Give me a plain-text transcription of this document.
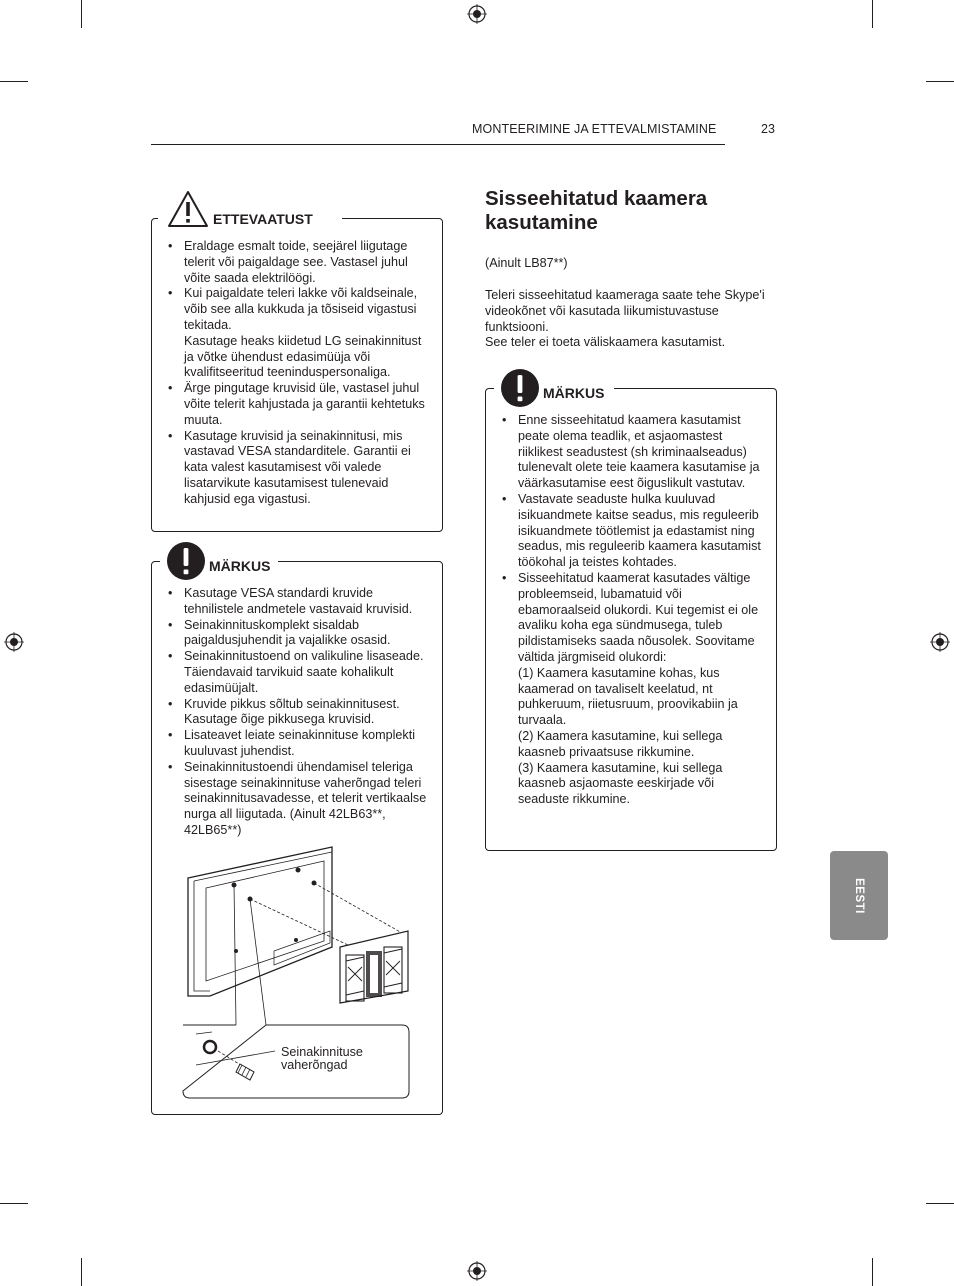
MONTEERIMINE JA ETTEVALMISTAMINE	23
ETTEVAATUST
• Eraldage esmalt toide, seejärel liigutage telerit või paigaldage see. Vastasel juhul võite saada elektrilöögi.
• Kui paigaldate teleri lakke või kaldseinale, võib see alla kukkuda ja tõsiseid vigastusi tekitada.
Kasutage heaks kiidetud LG seinakinnitust ja võtke ühendust edasimüüja või kvalifitseeritud teeninduspersonaliga.
• Ärge pingutage kruvisid üle, vastasel juhul võite telerit kahjustada ja garantii kehtetuks muuta.
• Kasutage kruvisid ja seinakinnitusi, mis vastavad VESA standarditele. Garantii ei kata valest kasutamisest või valede lisatarvikute kasutamisest tulenevaid kahjusid ega vigastusi.
MÄRKUS
• Kasutage VESA standardi kruvide tehnilistele andmetele vastavaid kruvisid.
• Seinakinnituskomplekt sisaldab paigaldusjuhendit ja vajalikke osasid.
• Seinakinnitustoend on valikuline lisaseade. Täiendavaid tarvikuid saate kohalikult edasimüüjalt.
• Kruvide pikkus sõltub seinakinnitusest. Kasutage õige pikkusega kruvisid.
• Lisateavet leiate seinakinnituse komplekti kuuluvast juhendist.
• Seinakinnitustoendi ühendamisel teleriga sisestage seinakinnituse vaherõngad teleri seinakinnitusavadesse, et telerit vertikaalse nurga all liigutada. (Ainult 42LB63**, 42LB65**)
Seinakinnituse vaherõngad
Sisseehitatud kaamera kasutamine
(Ainult LB87**)
Teleri sisseehitatud kaameraga saate tehe Skype'i videokõnet või kasutada liikumistuvastuse funktsiooni.
See teler ei toeta väliskaamera kasutamist.
MÄRKUS
• Enne sisseehitatud kaamera kasutamist peate olema teadlik, et asjaomastest riiklikest seadustest (sh kriminaalseadus) tulenevalt olete teie kaamera kasutamise ja väärkasutamise eest õiguslikult vastutav.
• Vastavate seaduste hulka kuuluvad isikuandmete kaitse seadus, mis reguleerib isikuandmete töötlemist ja edastamist ning seadus, mis reguleerib kaamera kasutamist töökohal ja teistes kohtades.
• Sisseehitatud kaamerat kasutades vältige probleemseid, lubamatuid või ebamoraalseid olukordi. Kui tegemist ei ole avaliku koha ega sündmusega, tuleb pildistamiseks saada nõusolek. Soovitame vältida järgmiseid olukordi:
(1) Kaamera kasutamine kohas, kus kaamerad on tavaliselt keelatud, nt puhkeruum, riietusruum, proovikabiin ja turvaala.
(2) Kaamera kasutamine, kui sellega kaasneb privaatsuse rikkumine.
(3) Kaamera kasutamine, kui sellega kaasneb asjaomaste eeskirjade või seaduste rikkumine.
EESTI
